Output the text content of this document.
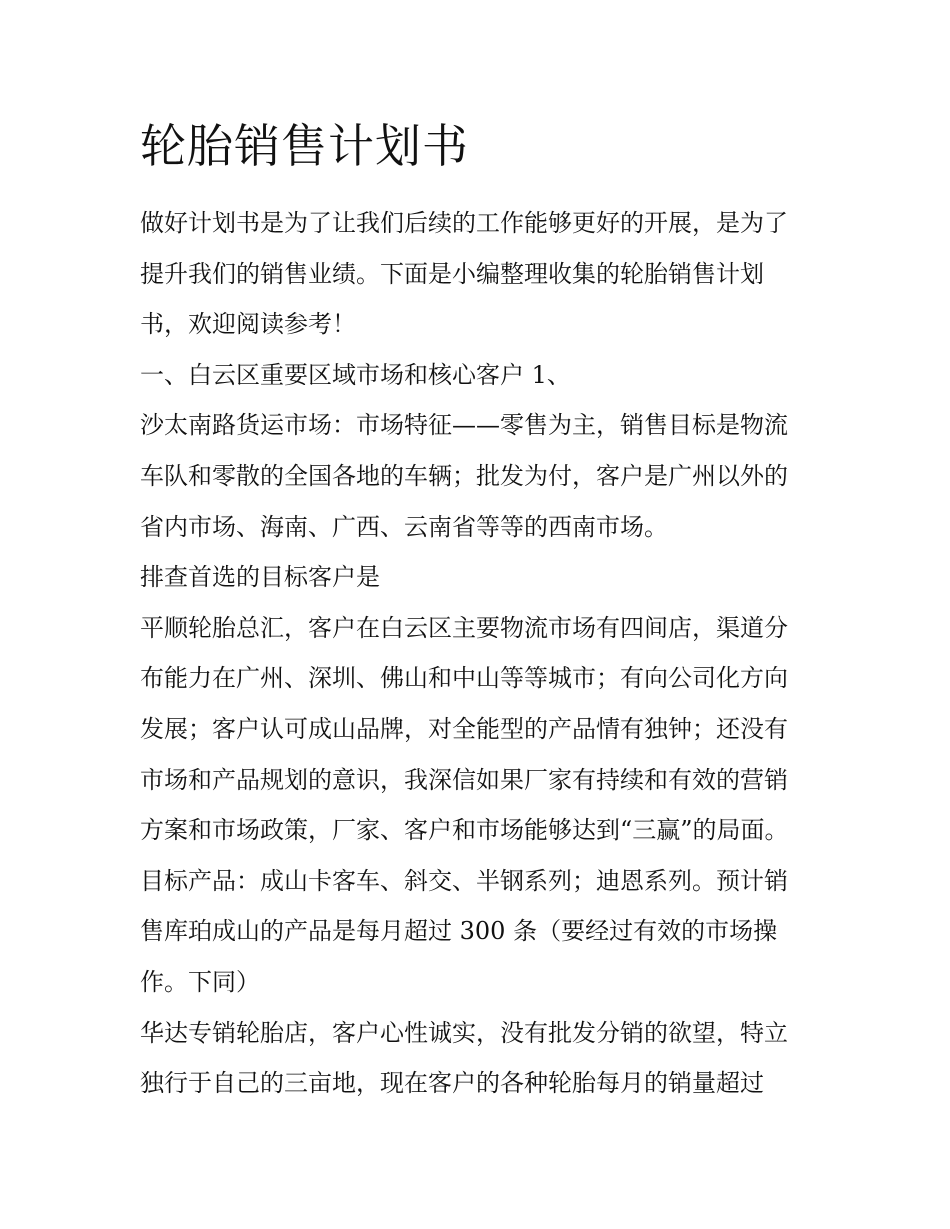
轮胎销售计划书
做好计划书是为了让我们后续的工作能够更好的开展，是为了
提升我们的销售业绩。下面是小编整理收集的轮胎销售计划
书，欢迎阅读参考！
一、白云区重要区域市场和核心客户 1、
沙太南路货运市场：市场特征——零售为主，销售目标是物流
车队和零散的全国各地的车辆；批发为付，客户是广州以外的
省内市场、海南、广西、云南省等等的西南市场。
排查首选的目标客户是
平顺轮胎总汇，客户在白云区主要物流市场有四间店，渠道分
布能力在广州、深圳、佛山和中山等等城市；有向公司化方向
发展；客户认可成山品牌，对全能型的产品情有独钟；还没有
市场和产品规划的意识，我深信如果厂家有持续和有效的营销
方案和市场政策，厂家、客户和市场能够达到“三赢”的局面。
目标产品：成山卡客车、斜交、半钢系列；迪恩系列。预计销
售库珀成山的产品是每月超过 300 条（要经过有效的市场操
作。下同）
华达专销轮胎店，客户心性诚实，没有批发分销的欲望，特立
独行于自己的三亩地，现在客户的各种轮胎每月的销量超过
